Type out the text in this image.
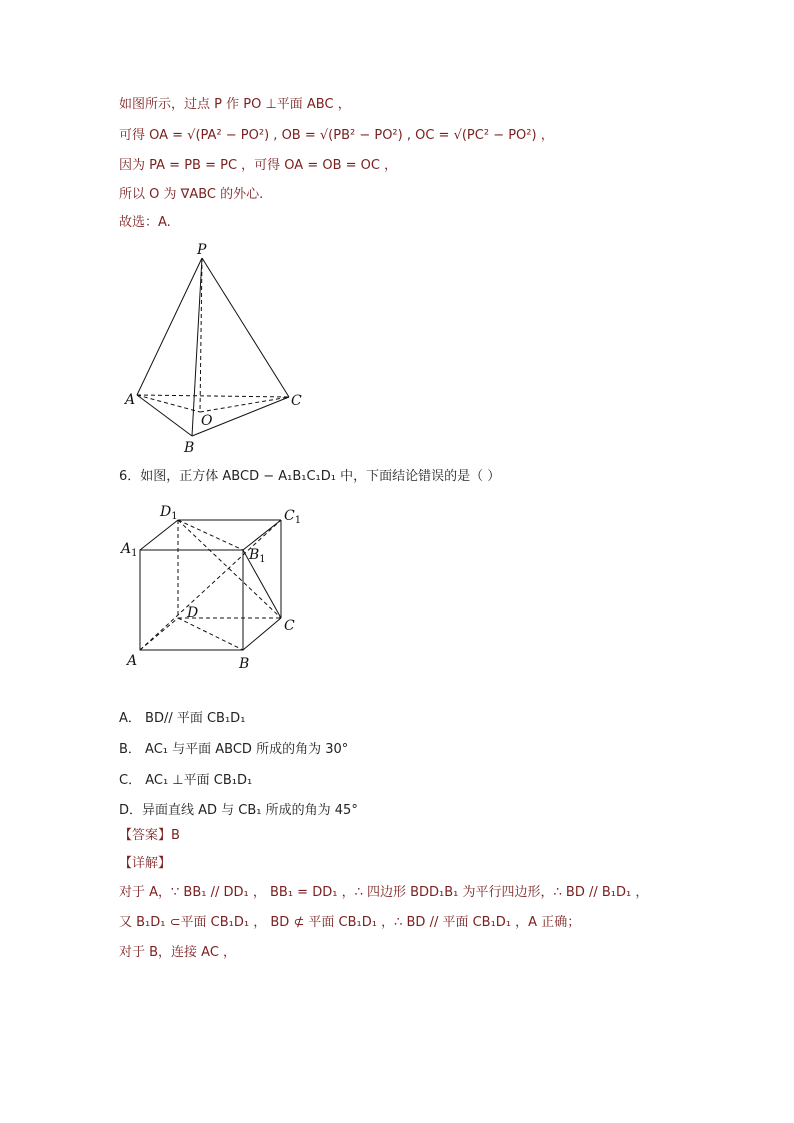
如图所示，过点 P 作 PO ⊥平面 ABC ，
可得 OA = √(PA² − PO²) , OB = √(PB² − PO²) , OC = √(PC² − PO²) ，
因为 PA = PB = PC ，可得 OA = OB = OC ，
所以 O 为 ∇ABC 的外心.
故选：A.
P
A
B
C
O
6．如图，正方体 ABCD − A₁B₁C₁D₁ 中，下面结论错误的是（ ）
$D_1$	$C_1$
$A_1$	$B_1$
D
C
A	B
A． BD// 平面 CB₁D₁
B． AC₁ 与平面 ABCD 所成的角为 30°
C． AC₁ ⊥平面 CB₁D₁
D．异面直线 AD 与 CB₁ 所成的角为 45°
【答案】B
【详解】
对于 A，∵ BB₁ // DD₁ ， BB₁ = DD₁ ，∴ 四边形 BDD₁B₁ 为平行四边形，∴ BD // B₁D₁ ，
又 B₁D₁ ⊂平面 CB₁D₁ ， BD ⊄ 平面 CB₁D₁ ，∴ BD // 平面 CB₁D₁ ，A 正确；
对于 B，连接 AC ，
